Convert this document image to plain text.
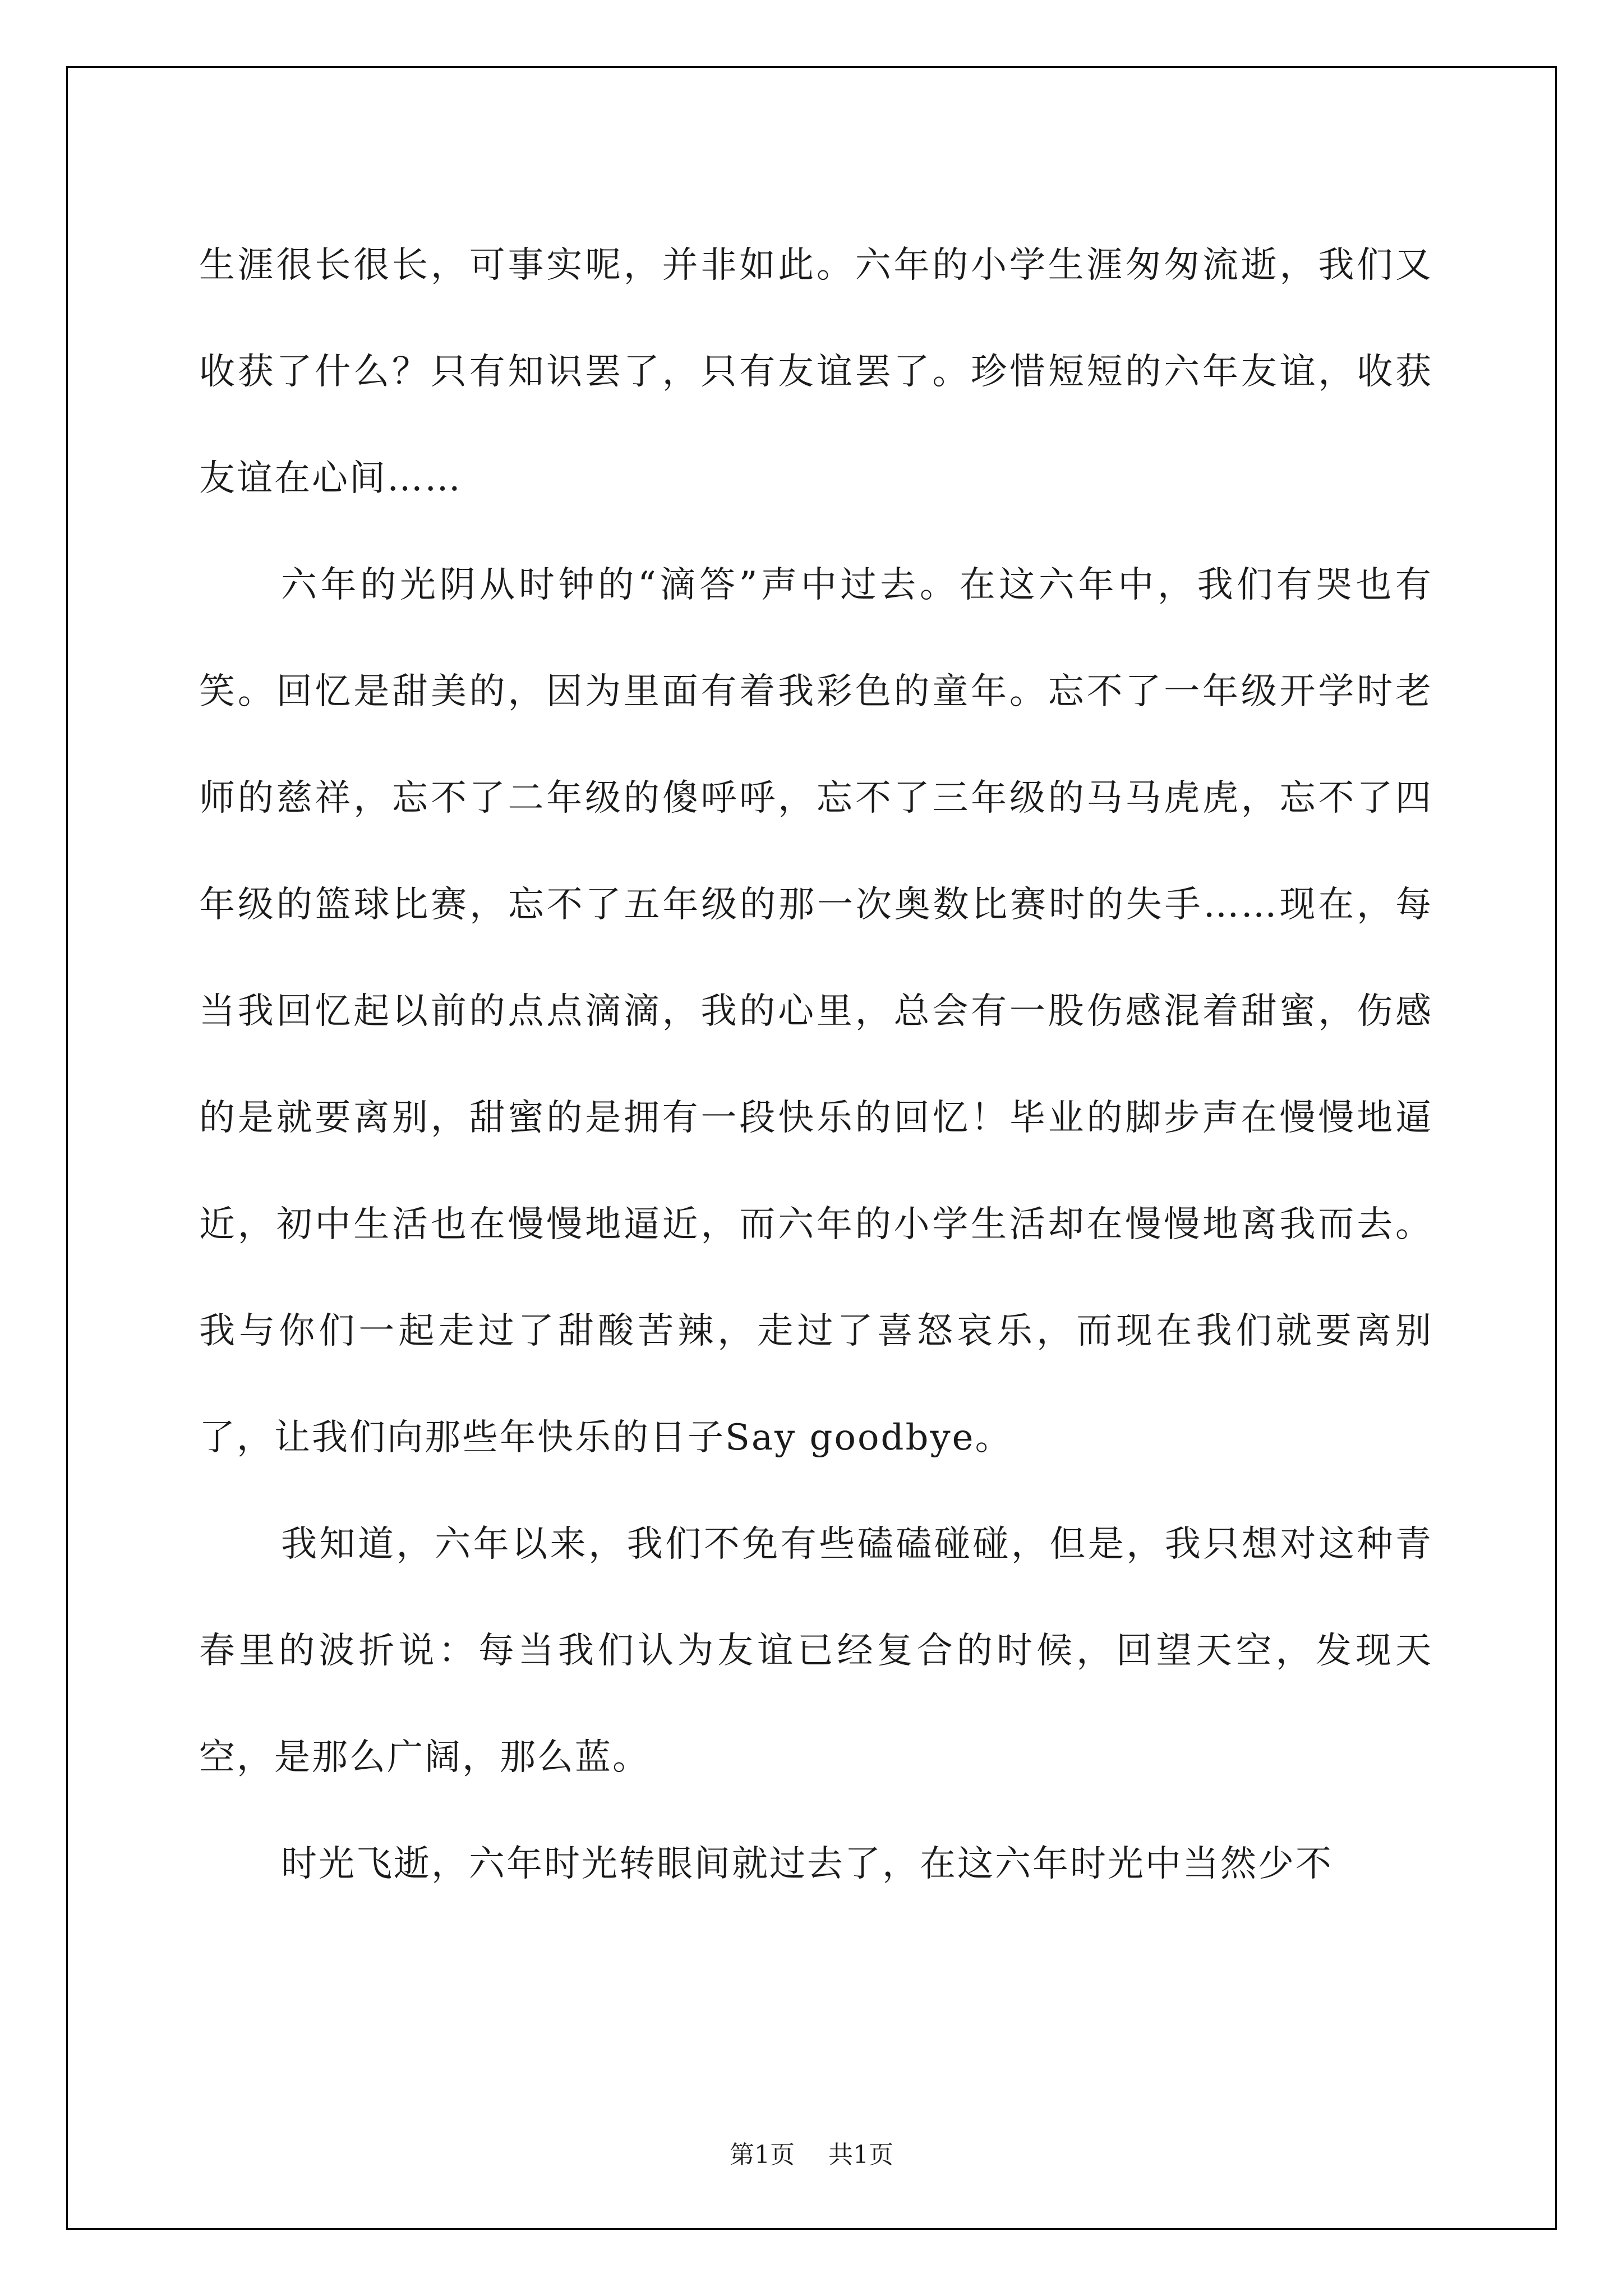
生涯很长很长，可事实呢，并非如此。六年的小学生涯匆匆流逝，我们又收获了什么？只有知识罢了，只有友谊罢了。珍惜短短的六年友谊，收获友谊在心间……

六年的光阴从时钟的“滴答”声中过去。在这六年中，我们有哭也有笑。回忆是甜美的，因为里面有着我彩色的童年。忘不了一年级开学时老师的慈祥，忘不了二年级的傻呼呼，忘不了三年级的马马虎虎，忘不了四年级的篮球比赛，忘不了五年级的那一次奥数比赛时的失手……现在，每当我回忆起以前的点点滴滴，我的心里，总会有一股伤感混着甜蜜，伤感的是就要离别，甜蜜的是拥有一段快乐的回忆！毕业的脚步声在慢慢地逼近，初中生活也在慢慢地逼近，而六年的小学生活却在慢慢地离我而去。我与你们一起走过了甜酸苦辣，走过了喜怒哀乐，而现在我们就要离别了，让我们向那些年快乐的日子Say goodbye。

我知道，六年以来，我们不免有些磕磕碰碰，但是，我只想对这种青春里的波折说：每当我们认为友谊已经复合的时候，回望天空，发现天空，是那么广阔，那么蓝。

时光飞逝，六年时光转眼间就过去了，在这六年时光中当然少不

第1页 共1页
